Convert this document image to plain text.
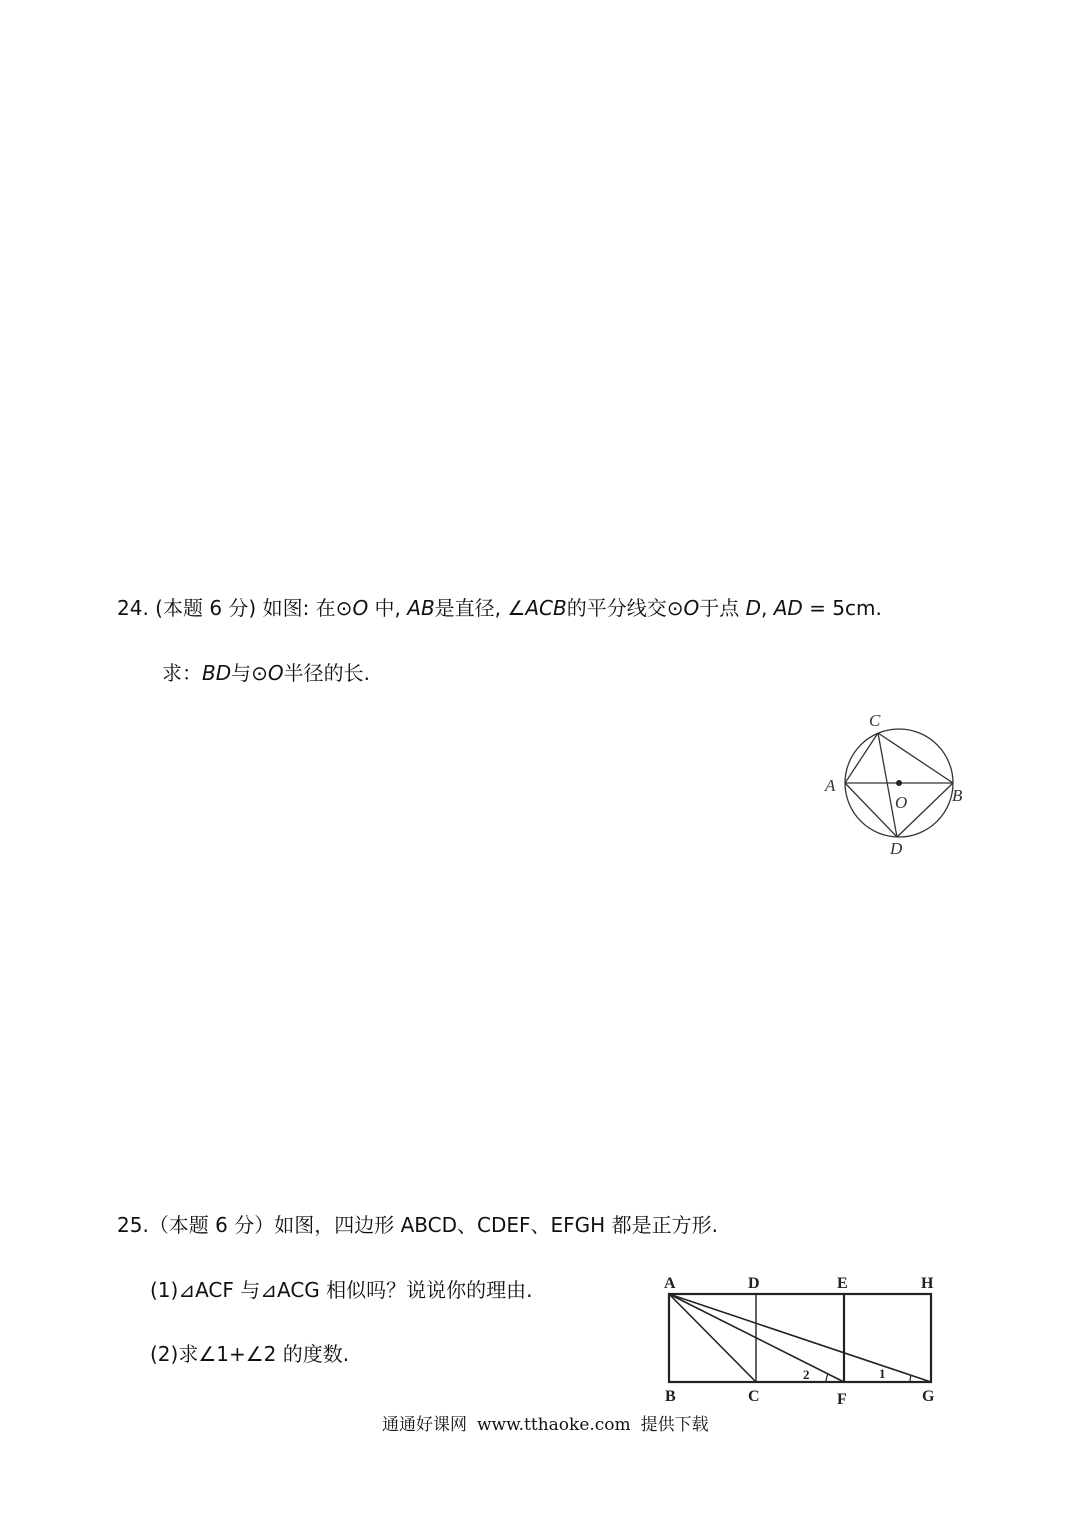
24. (本题 6 分) 如图: 在⊙O 中, AB是直径, ∠ACB的平分线交⊙O于点 D, AD = 5cm.
求：BD与⊙O半径的长.
C
A
O	B
D
25.（本题 6 分）如图，四边形 ABCD、CDEF、EFGH 都是正方形.
(1)⊿ACF 与⊿ACG 相似吗？说说你的理由.
(2)求∠1+∠2 的度数.
A	D	E	H
B	C	F	G
2	1
通通好课网 www.tthaoke.com 提供下载
